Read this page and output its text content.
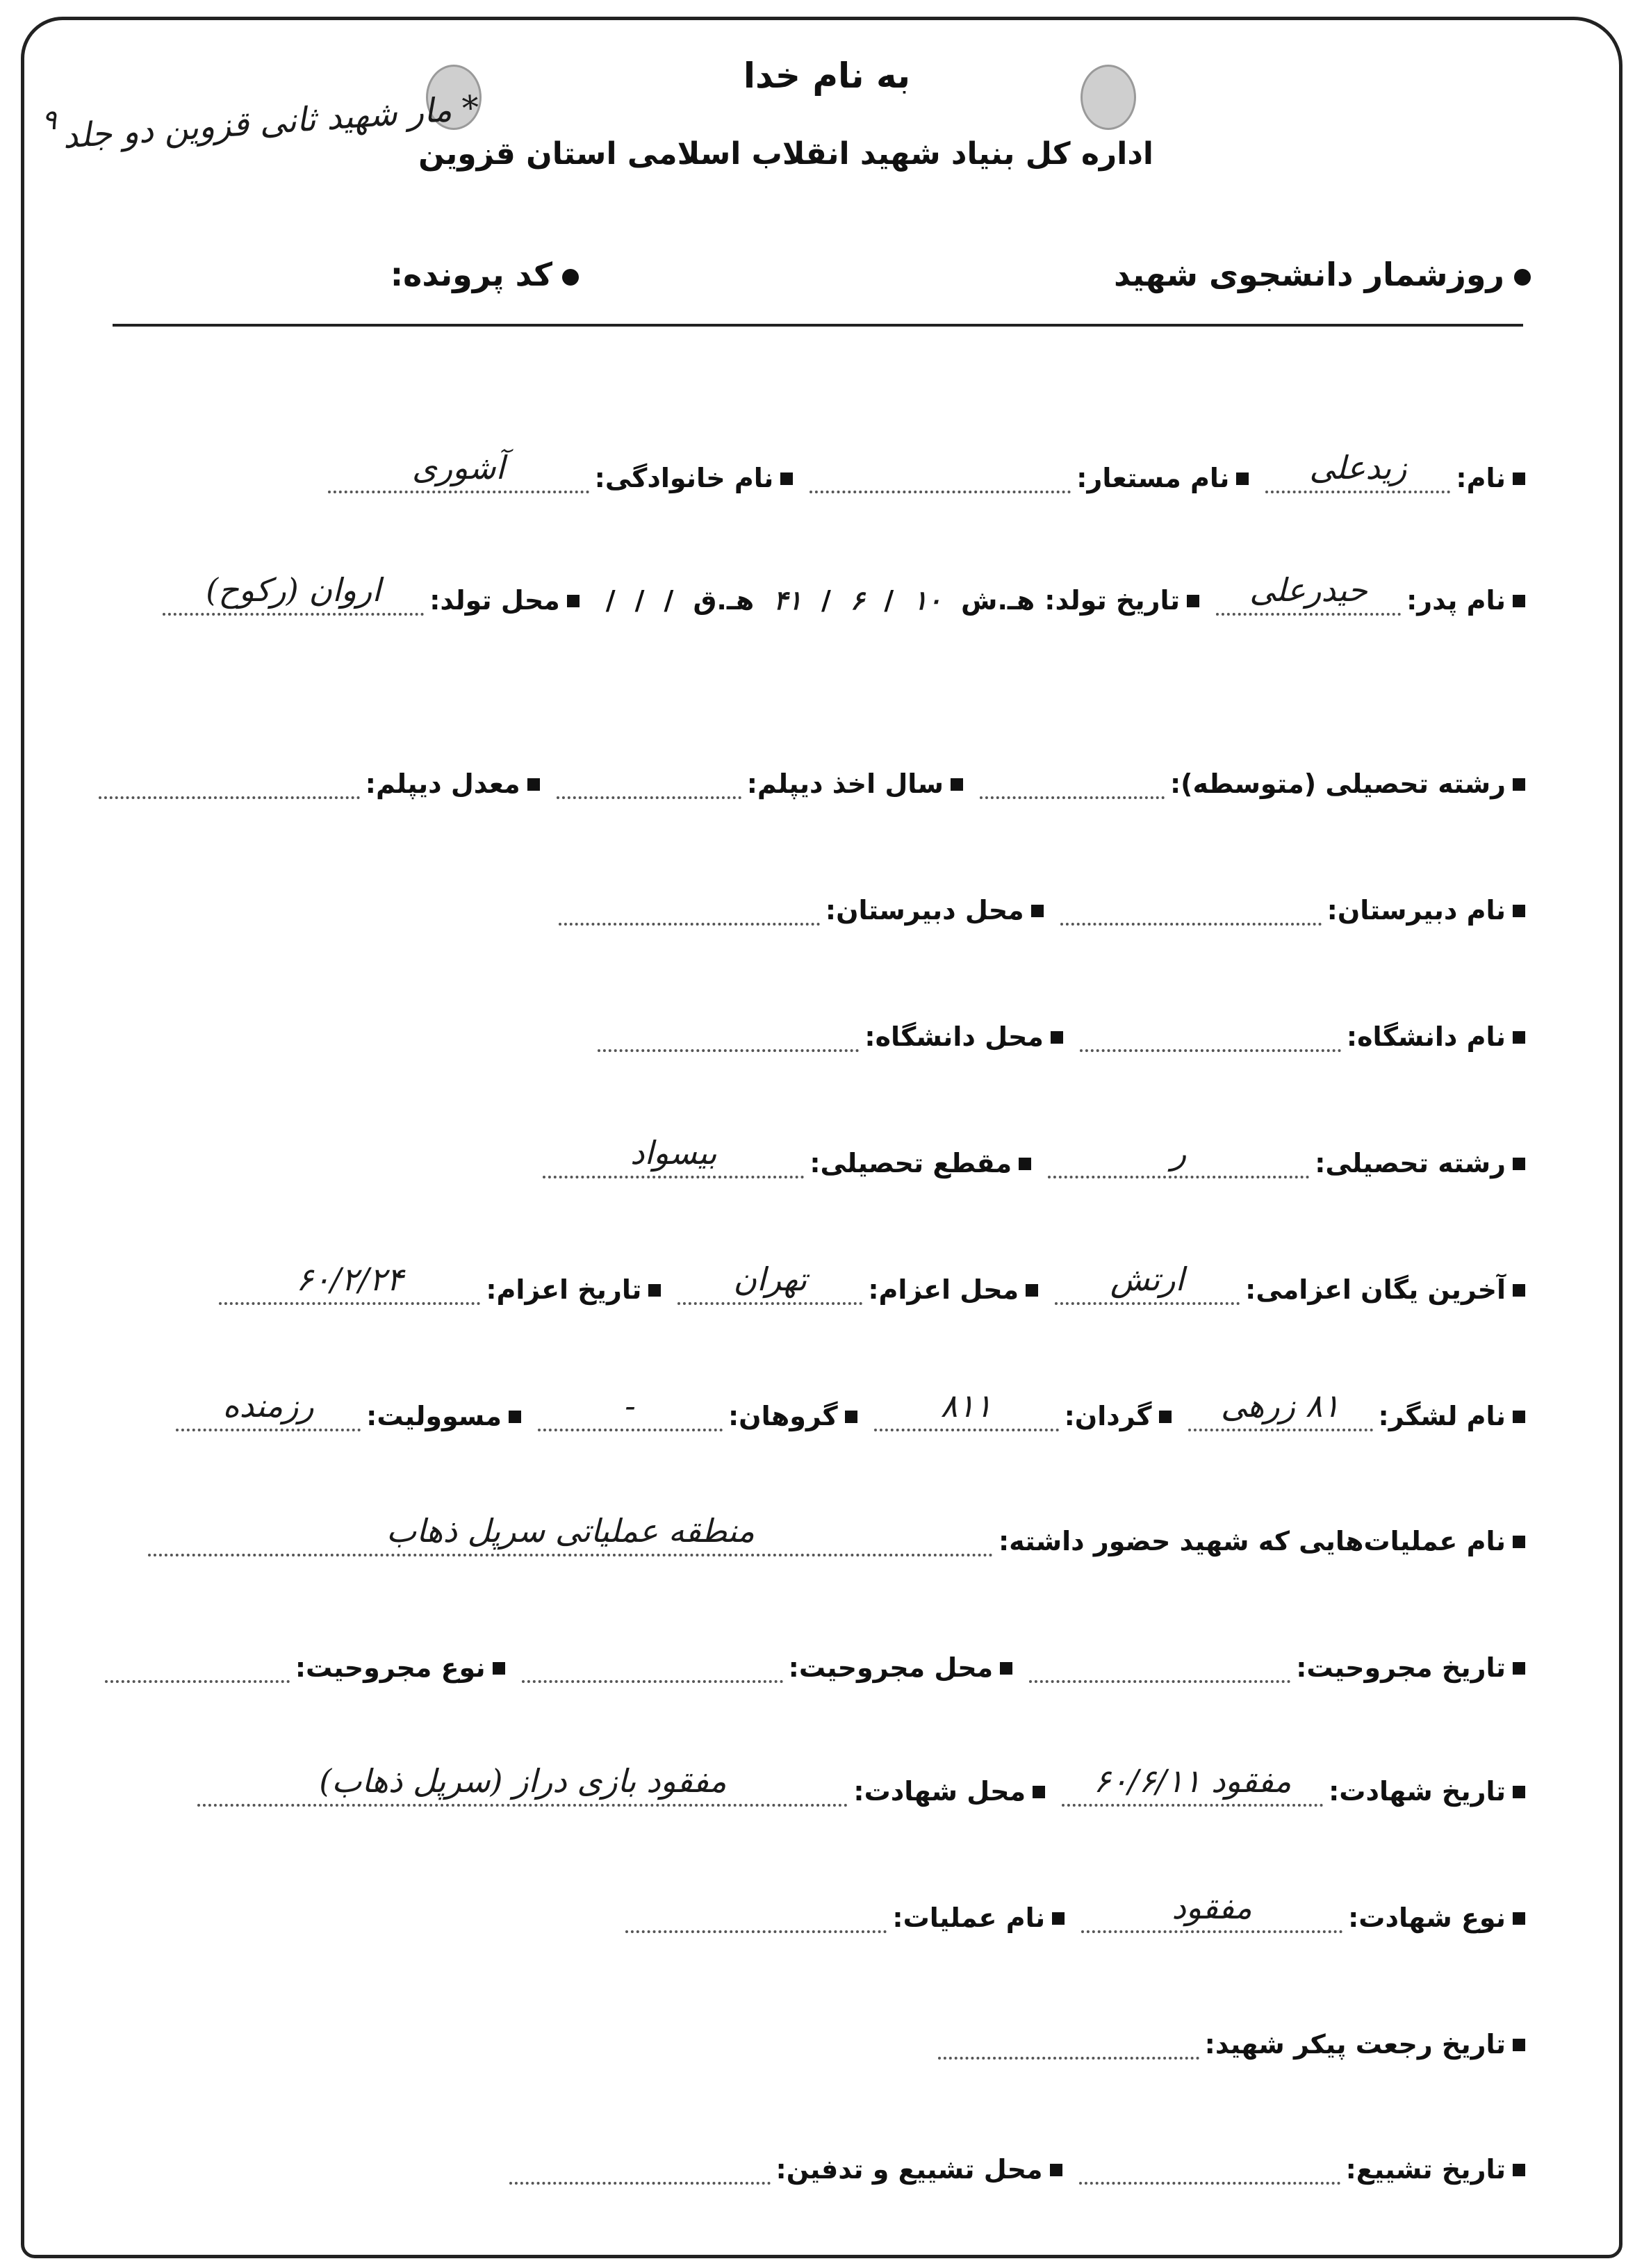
به نام خدا
اداره کل بنیاد شهید انقلاب اسلامی استان قزوین
۹ * مار شهید ثانی قزوین دو جلد
روزشمار دانشجوی شهید
کد پرونده:
نام:
زیدعلی
نام مستعار:
نام خانوادگی:
آشوری
نام پدر:
حیدرعلی
تاریخ تولد:
هـ.ش
۱۰
/
۶
/
۴۱
هـ.ق
/
/
/
محل تولد:
اروان (رکوح)
رشته تحصیلی (متوسطه):
سال اخذ دیپلم:
معدل دیپلم:
نام دبیرستان:
محل دبیرستان:
نام دانشگاه:
محل دانشگاه:
رشته تحصیلی:
ر
مقطع تحصیلی:
بیسواد
آخرین یگان اعزامی:
ارتش
محل اعزام:
تهران
تاریخ اعزام:
۶۰/۲/۲۴
نام لشگر:
۸۱ زرهی
گردان:
۸۱۱
گروهان:
-
مسوولیت:
رزمنده
نام عملیات‌هایی که شهید حضور داشته:
منطقه عملیاتی سرپل ذهاب
تاریخ مجروحیت:
محل مجروحیت:
نوع مجروحیت:
تاریخ شهادت:
مفقود ۶۰/۶/۱۱
محل شهادت:
مفقود بازی دراز (سرپل ذهاب)
نوع شهادت:
مفقود
نام عملیات:
تاریخ رجعت پیکر شهید:
تاریخ تشییع:
محل تشییع و تدفین:
